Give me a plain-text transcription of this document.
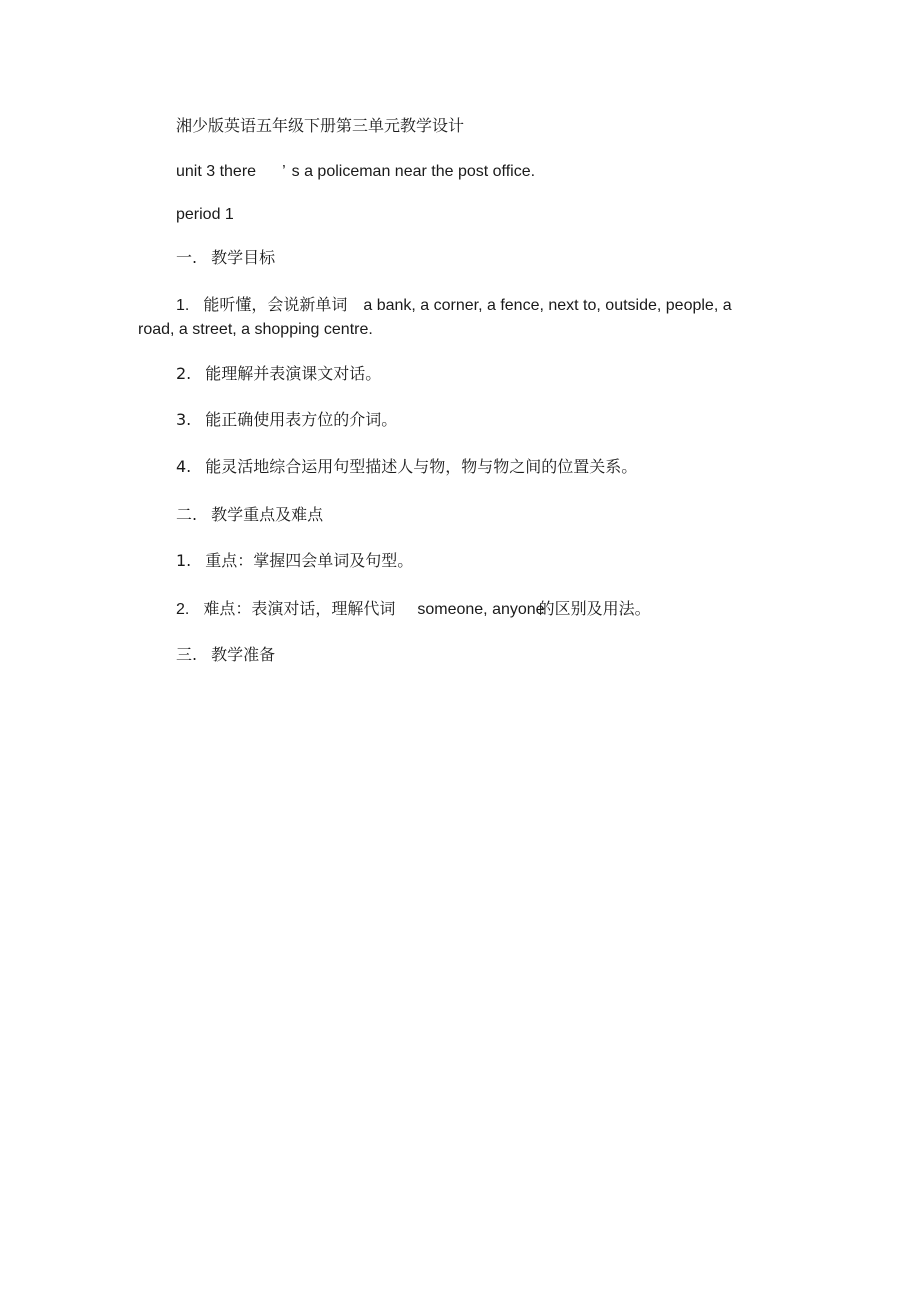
湘少版英语五年级下册第三单元教学设计
unit 3 there ’ s a policeman near the post office.
period 1
一. 教学目标
1. 能听懂，会说新单词 a bank, a corner, a fence, next to, outside, people, a
road, a street, a shopping centre.
2. 能理解并表演课文对话。
3. 能正确使用表方位的介词。
4. 能灵活地综合运用句型描述人与物，物与物之间的位置关系。
二. 教学重点及难点
1. 重点：掌握四会单词及句型。
2. 难点：表演对话，理解代词 someone, anyone的区别及用法。
三. 教学准备
